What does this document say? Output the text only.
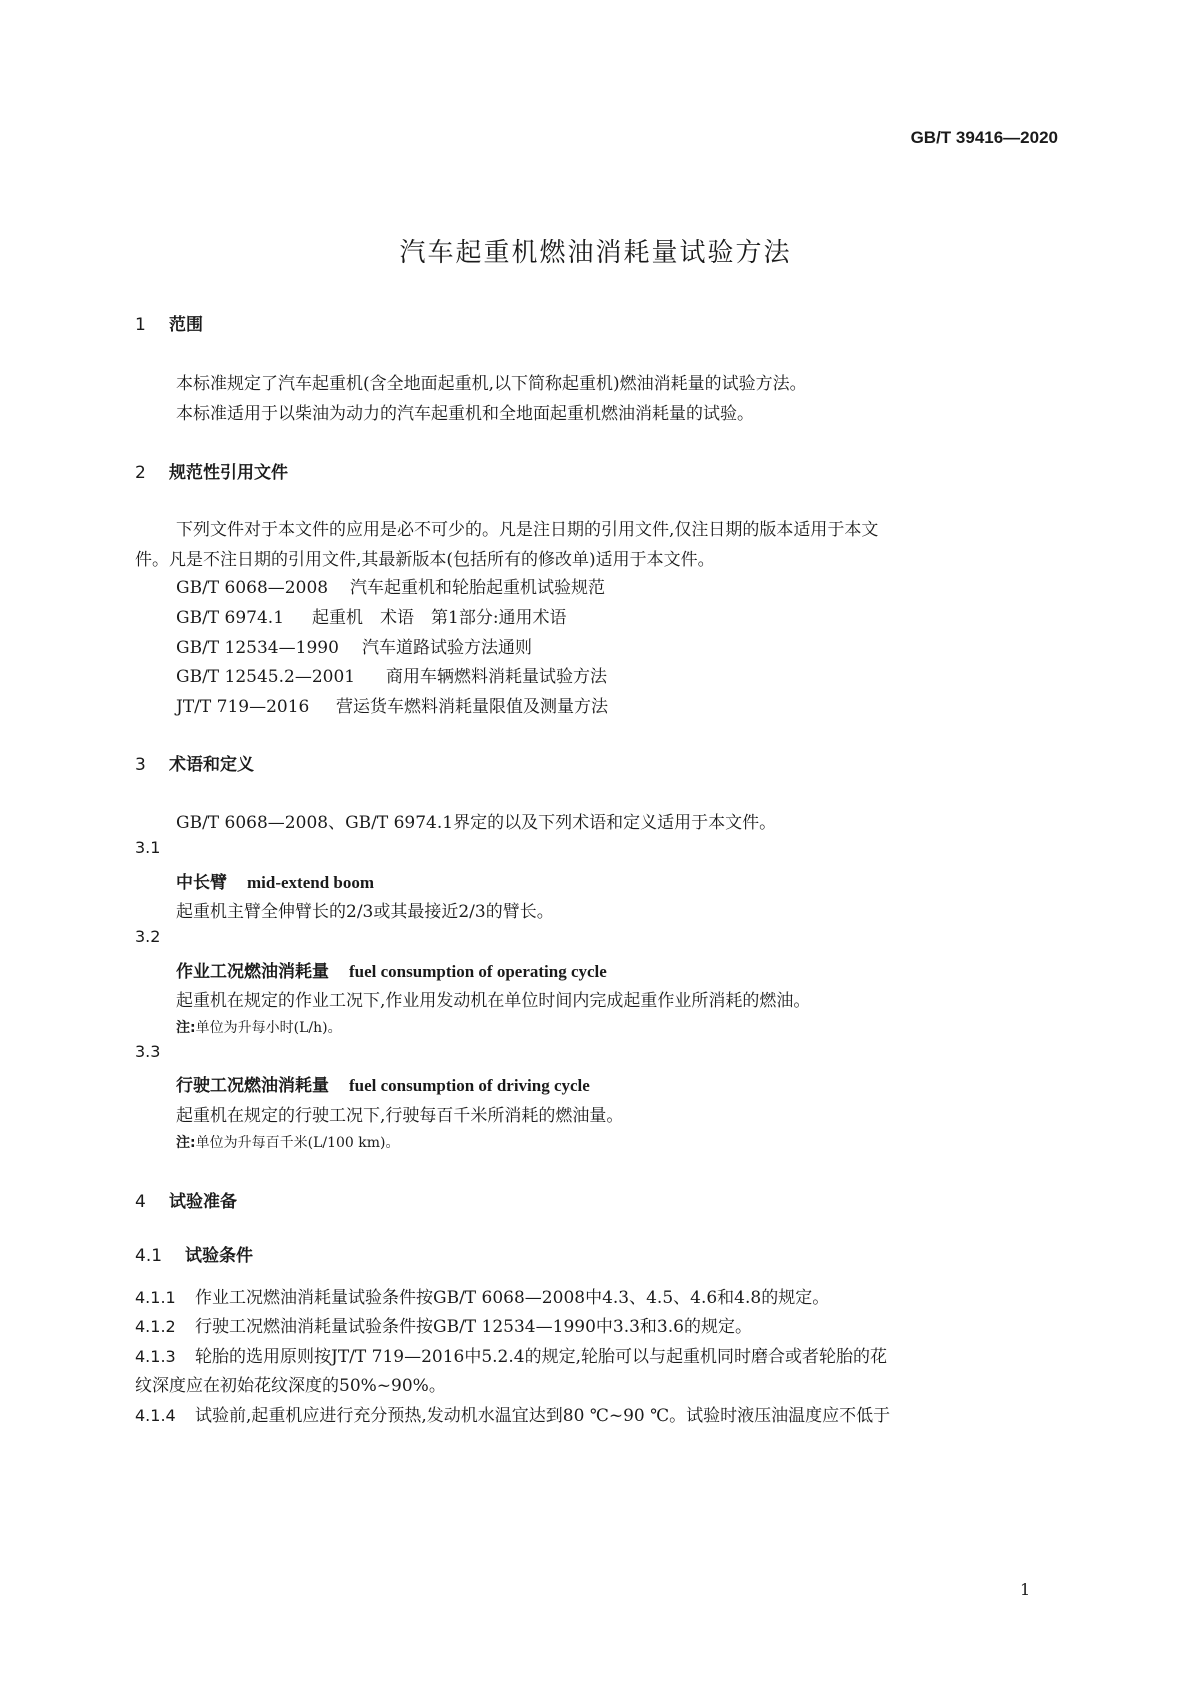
GB/T 39416—2020
汽车起重机燃油消耗量试验方法
1 范围
本标准规定了汽车起重机(含全地面起重机,以下简称起重机)燃油消耗量的试验方法。
本标准适用于以柴油为动力的汽车起重机和全地面起重机燃油消耗量的试验。
2 规范性引用文件
下列文件对于本文件的应用是必不可少的。凡是注日期的引用文件,仅注日期的版本适用于本文
件。凡是不注日期的引用文件,其最新版本(包括所有的修改单)适用于本文件。
GB/T 6068—2008 汽车起重机和轮胎起重机试验规范
GB/T 6974.1 起重机　术语　第1部分:通用术语
GB/T 12534—1990 汽车道路试验方法通则
GB/T 12545.2—2001 商用车辆燃料消耗量试验方法
JT/T 719—2016 营运货车燃料消耗量限值及测量方法
3 术语和定义
GB/T 6068—2008、GB/T 6974.1界定的以及下列术语和定义适用于本文件。
3.1
中长臂 mid-extend boom
起重机主臂全伸臂长的2/3或其最接近2/3的臂长。
3.2
作业工况燃油消耗量 fuel consumption of operating cycle
起重机在规定的作业工况下,作业用发动机在单位时间内完成起重作业所消耗的燃油。
注:单位为升每小时(L/h)。
3.3
行驶工况燃油消耗量 fuel consumption of driving cycle
起重机在规定的行驶工况下,行驶每百千米所消耗的燃油量。
注:单位为升每百千米(L/100 km)。
4 试验准备
4.1 试验条件
4.1.1 作业工况燃油消耗量试验条件按GB/T 6068—2008中4.3、4.5、4.6和4.8的规定。
4.1.2 行驶工况燃油消耗量试验条件按GB/T 12534—1990中3.3和3.6的规定。
4.1.3 轮胎的选用原则按JT/T 719—2016中5.2.4的规定,轮胎可以与起重机同时磨合或者轮胎的花
纹深度应在初始花纹深度的50%~90%。
4.1.4 试验前,起重机应进行充分预热,发动机水温宜达到80 ℃~90 ℃。试验时液压油温度应不低于
1
